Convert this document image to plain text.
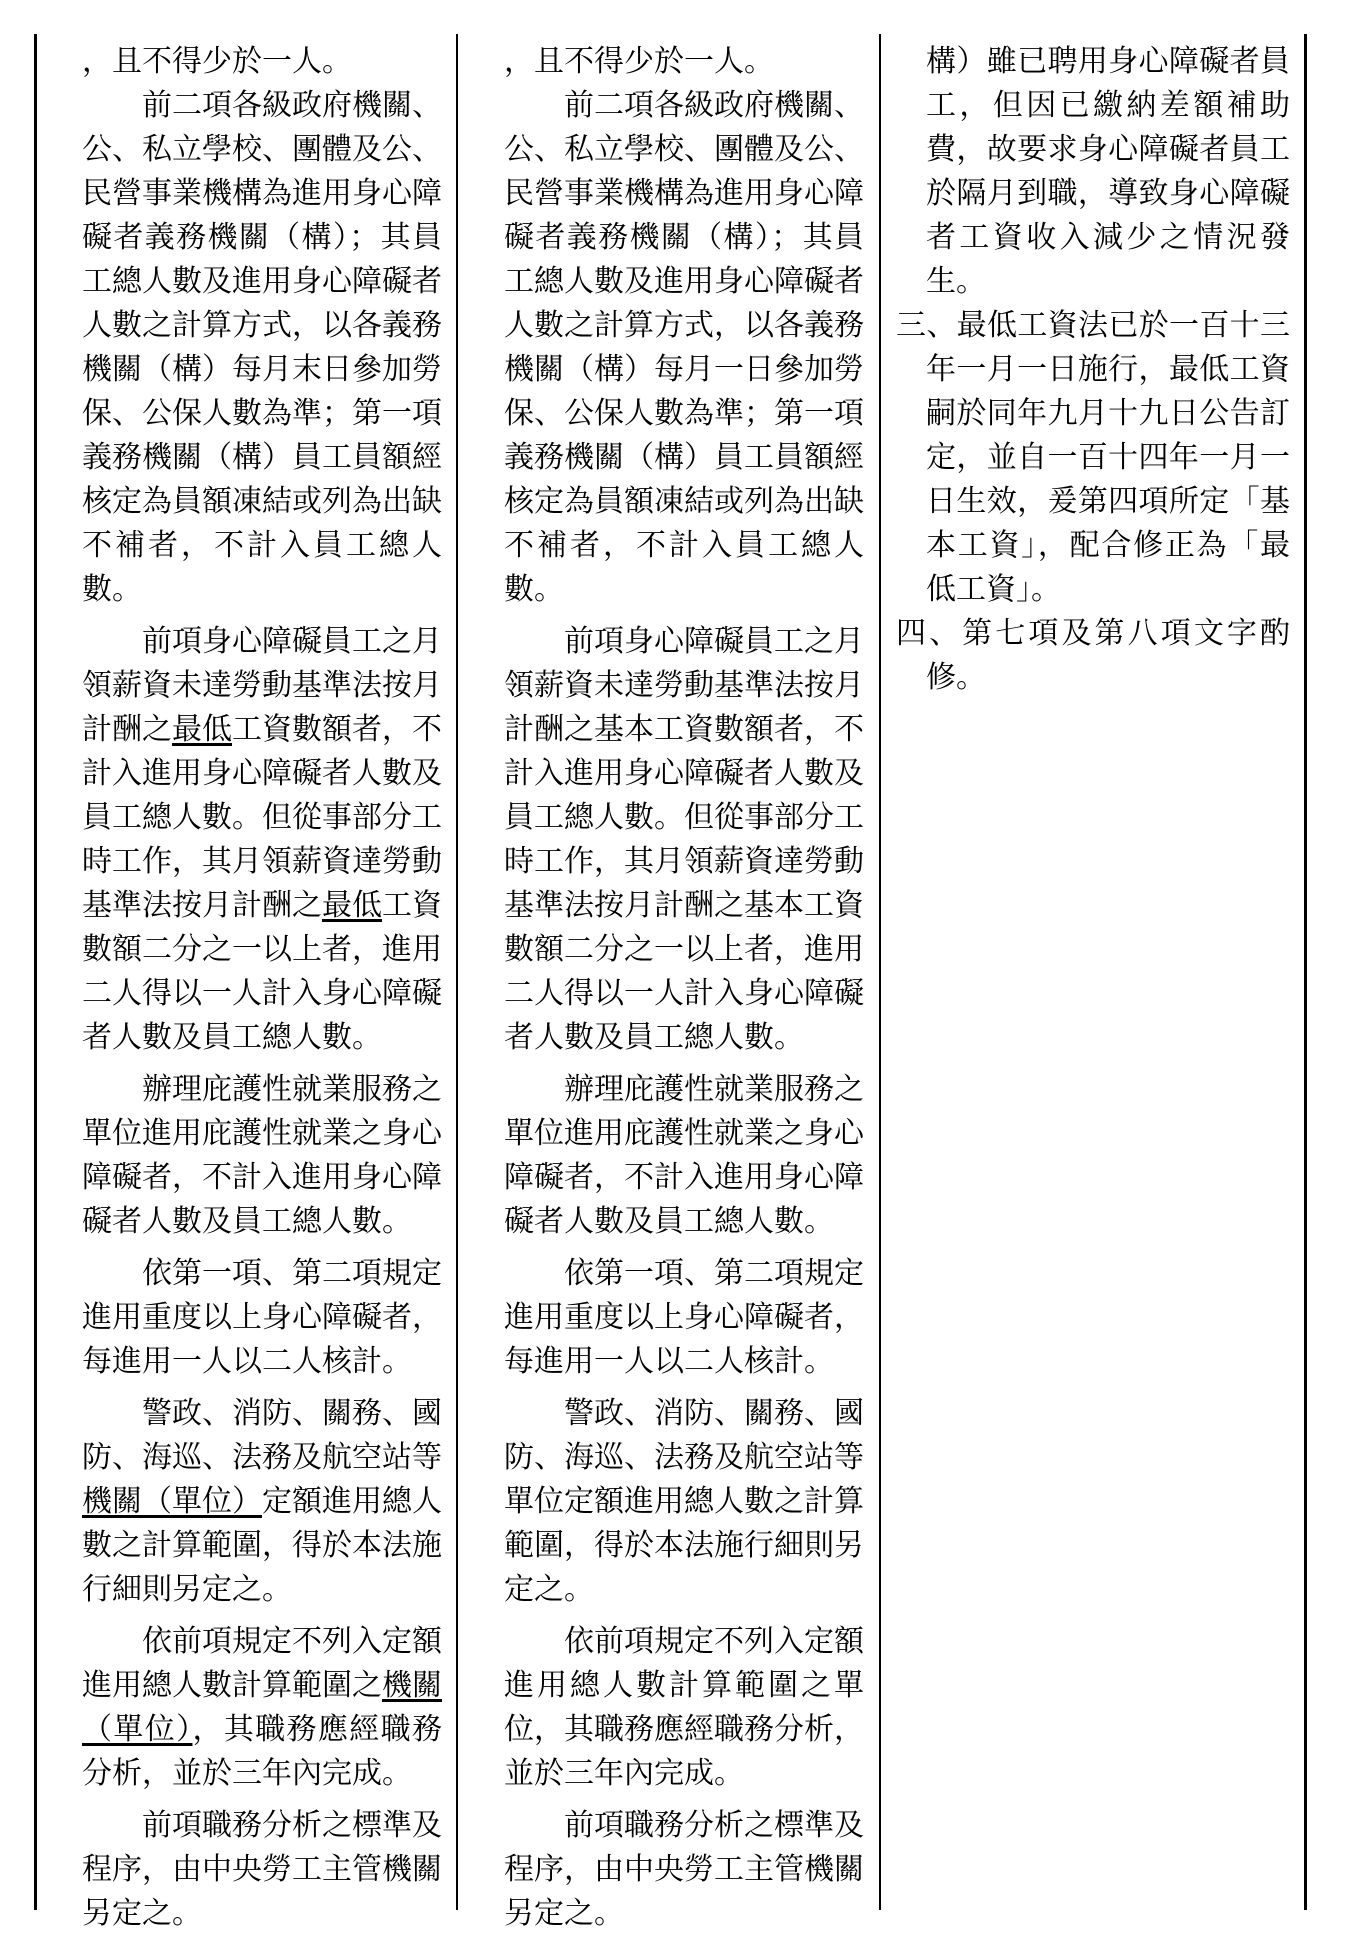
，且不得少於一人。

前二項各級政府機關、公、私立學校、團體及公、民營事業機構為進用身心障礙者義務機關（構）；其員工總人數及進用身心障礙者人數之計算方式，以各義務機關（構）每月末日參加勞保、公保人數為準；第一項義務機關（構）員工員額經核定為員額凍結或列為出缺不補者，不計入員工總人數。

前項身心障礙員工之月領薪資未達勞動基準法按月計酬之最低工資數額者，不計入進用身心障礙者人數及員工總人數。但從事部分工時工作，其月領薪資達勞動基準法按月計酬之最低工資數額二分之一以上者，進用二人得以一人計入身心障礙者人數及員工總人數。

辦理庇護性就業服務之單位進用庇護性就業之身心障礙者，不計入進用身心障礙者人數及員工總人數。

依第一項、第二項規定進用重度以上身心障礙者，每進用一人以二人核計。

警政、消防、關務、國防、海巡、法務及航空站等機關（單位）定額進用總人數之計算範圍，得於本法施行細則另定之。

依前項規定不列入定額進用總人數計算範圍之機關（單位），其職務應經職務分析，並於三年內完成。

前項職務分析之標準及程序，由中央勞工主管機關另定之。

，且不得少於一人。

前二項各級政府機關、公、私立學校、團體及公、民營事業機構為進用身心障礙者義務機關（構）；其員工總人數及進用身心障礙者人數之計算方式，以各義務機關（構）每月一日參加勞保、公保人數為準；第一項義務機關（構）員工員額經核定為員額凍結或列為出缺不補者，不計入員工總人數。

前項身心障礙員工之月領薪資未達勞動基準法按月計酬之基本工資數額者，不計入進用身心障礙者人數及員工總人數。但從事部分工時工作，其月領薪資達勞動基準法按月計酬之基本工資數額二分之一以上者，進用二人得以一人計入身心障礙者人數及員工總人數。

辦理庇護性就業服務之單位進用庇護性就業之身心障礙者，不計入進用身心障礙者人數及員工總人數。

依第一項、第二項規定進用重度以上身心障礙者，每進用一人以二人核計。

警政、消防、關務、國防、海巡、法務及航空站等單位定額進用總人數之計算範圍，得於本法施行細則另定之。

依前項規定不列入定額進用總人數計算範圍之單位，其職務應經職務分析，並於三年內完成。

前項職務分析之標準及程序，由中央勞工主管機關另定之。

構）雖已聘用身心障礙者員工，但因已繳納差額補助費，故要求身心障礙者員工於隔月到職，導致身心障礙者工資收入減少之情況發生。

三、最低工資法已於一百十三年一月一日施行，最低工資嗣於同年九月十九日公告訂定，並自一百十四年一月一日生效，爰第四項所定「基本工資」，配合修正為「最低工資」。

四、第七項及第八項文字酌修。
